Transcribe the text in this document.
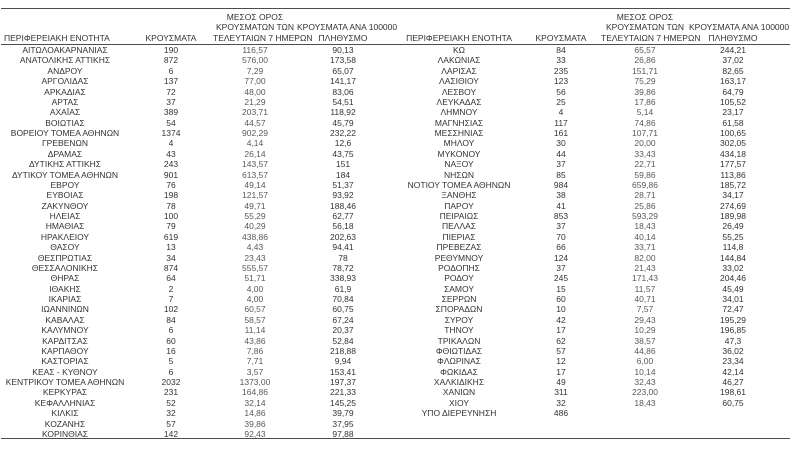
ΠΕΡΙΦΕΡΕΙΑΚΗ ΕΝΟΤΗΤΑ	ΚΡΟΥΣΜΑΤΑ
ΜΕΣΟΣ ΟΡΟΣ
ΚΡΟΥΣΜΑΤΩΝ ΤΩΝ
ΤΕΛΕΥΤΑΙΩΝ 7 ΗΜΕΡΩΝ
ΚΡΟΥΣΜΑΤΑ ΑΝΑ 100000
ΠΛΗΘΥΣΜΟ	ΠΕΡΙΦΕΡΕΙΑΚΗ ΕΝΟΤΗΤΑ	ΚΡΟΥΣΜΑΤΑ
ΜΕΣΟΣ ΟΡΟΣ
ΚΡΟΥΣΜΑΤΩΝ ΤΩΝ
ΤΕΛΕΥΤΑΙΩΝ 7 ΗΜΕΡΩΝ
ΚΡΟΥΣΜΑΤΑ ΑΝΑ 100000
ΠΛΗΘΥΣΜΟ
ΑΙΤΩΛΟΑΚΑΡΝΑΝΙΑΣ	190	116,57	90,13
ΑΝΑΤΟΛΙΚΗΣ ΑΤΤΙΚΗΣ	872	576,00	173,58
ΑΝΔΡΟΥ	6	7,29	65,07
ΑΡΓΟΛΙΔΑΣ	137	77,00	141,17
ΑΡΚΑΔΙΑΣ	72	48,00	83,06
ΑΡΤΑΣ	37	21,29	54,51
ΑΧΑΪΑΣ	389	203,71	118,92
ΒΟΙΩΤΙΑΣ	54	44,57	45,79
ΒΟΡΕΙΟΥ ΤΟΜΕΑ ΑΘΗΝΩΝ	1374	902,29	232,22
ΓΡΕΒΕΝΩΝ	4	4,14	12,6
ΔΡΑΜΑΣ	43	26,14	43,75
ΔΥΤΙΚΗΣ ΑΤΤΙΚΗΣ	243	143,57	151
ΔΥΤΙΚΟΥ ΤΟΜΕΑ ΑΘΗΝΩΝ	901	613,57	184
ΕΒΡΟΥ	76	49,14	51,37
ΕΥΒΟΙΑΣ	198	121,57	93,92
ΖΑΚΥΝΘΟΥ	78	49,71	188,46
ΗΛΕΙΑΣ	100	55,29	62,77
ΗΜΑΘΙΑΣ	79	40,29	56,18
ΗΡΑΚΛΕΙΟΥ	619	438,86	202,63
ΘΑΣΟΥ	13	4,43	94,41
ΘΕΣΠΡΩΤΙΑΣ	34	23,43	78
ΘΕΣΣΑΛΟΝΙΚΗΣ	874	555,57	78,72
ΘΗΡΑΣ	64	51,71	338,93
ΙΘΑΚΗΣ	2	4,00	61,9
ΙΚΑΡΙΑΣ	7	4,00	70,84
ΙΩΑΝΝΙΝΩΝ	102	60,57	60,75
ΚΑΒΑΛΑΣ	84	58,57	67,24
ΚΑΛΥΜΝΟΥ	6	11,14	20,37
ΚΑΡΔΙΤΣΑΣ	60	43,86	52,84
ΚΑΡΠΑΘΟΥ	16	7,86	218,88
ΚΑΣΤΟΡΙΑΣ	5	7,71	9,94
ΚΕΑΣ - ΚΥΘΝΟΥ	6	3,57	153,41
ΚΕΝΤΡΙΚΟΥ ΤΟΜΕΑ ΑΘΗΝΩΝ	2032	1373,00	197,37
ΚΕΡΚΥΡΑΣ	231	164,86	221,33
ΚΕΦΑΛΛΗΝΙΑΣ	52	32,14	145,25
ΚΙΛΚΙΣ	32	14,86	39,79
ΚΟΖΑΝΗΣ	57	39,86	37,95
ΚΟΡΙΝΘΙΑΣ	142	92,43	97,88
ΚΩ	84	65,57	244,21
ΛΑΚΩΝΙΑΣ	33	26,86	37,02
ΛΑΡΙΣΑΣ	235	151,71	82,65
ΛΑΣΙΘΙΟΥ	123	75,29	163,17
ΛΕΣΒΟΥ	56	39,86	64,79
ΛΕΥΚΑΔΑΣ	25	17,86	105,52
ΛΗΜΝΟΥ	4	5,14	23,17
ΜΑΓΝΗΣΙΑΣ	117	74,86	61,58
ΜΕΣΣΗΝΙΑΣ	161	107,71	100,65
ΜΗΛΟΥ	30	20,00	302,05
ΜΥΚΟΝΟΥ	44	33,43	434,18
ΝΑΞΟΥ	37	22,71	177,57
ΝΗΣΩΝ	85	59,86	113,86
ΝΟΤΙΟΥ ΤΟΜΕΑ ΑΘΗΝΩΝ	984	659,86	185,72
ΞΑΝΘΗΣ	38	28,71	34,17
ΠΑΡΟΥ	41	25,86	274,69
ΠΕΙΡΑΙΩΣ	853	593,29	189,98
ΠΕΛΛΑΣ	37	18,43	26,49
ΠΙΕΡΙΑΣ	70	40,14	55,25
ΠΡΕΒΕΖΑΣ	66	33,71	114,8
ΡΕΘΥΜΝΟΥ	124	82,00	144,84
ΡΟΔΟΠΗΣ	37	21,43	33,02
ΡΟΔΟΥ	245	171,43	204,46
ΣΑΜΟΥ	15	11,57	45,49
ΣΕΡΡΩΝ	60	40,71	34,01
ΣΠΟΡΑΔΩΝ	10	7,57	72,47
ΣΥΡΟΥ	42	29,43	195,29
ΤΗΝΟΥ	17	10,29	196,85
ΤΡΙΚΑΛΩΝ	62	38,57	47,3
ΦΘΙΩΤΙΔΑΣ	57	44,86	36,02
ΦΛΩΡΙΝΑΣ	12	6,00	23,34
ΦΩΚΙΔΑΣ	17	10,14	42,14
ΧΑΛΚΙΔΙΚΗΣ	49	32,43	46,27
ΧΑΝΙΩΝ	311	223,00	198,61
ΧΙΟΥ	32	18,43	60,75
ΥΠΟ ΔΙΕΡΕΥΝΗΣΗ	486
